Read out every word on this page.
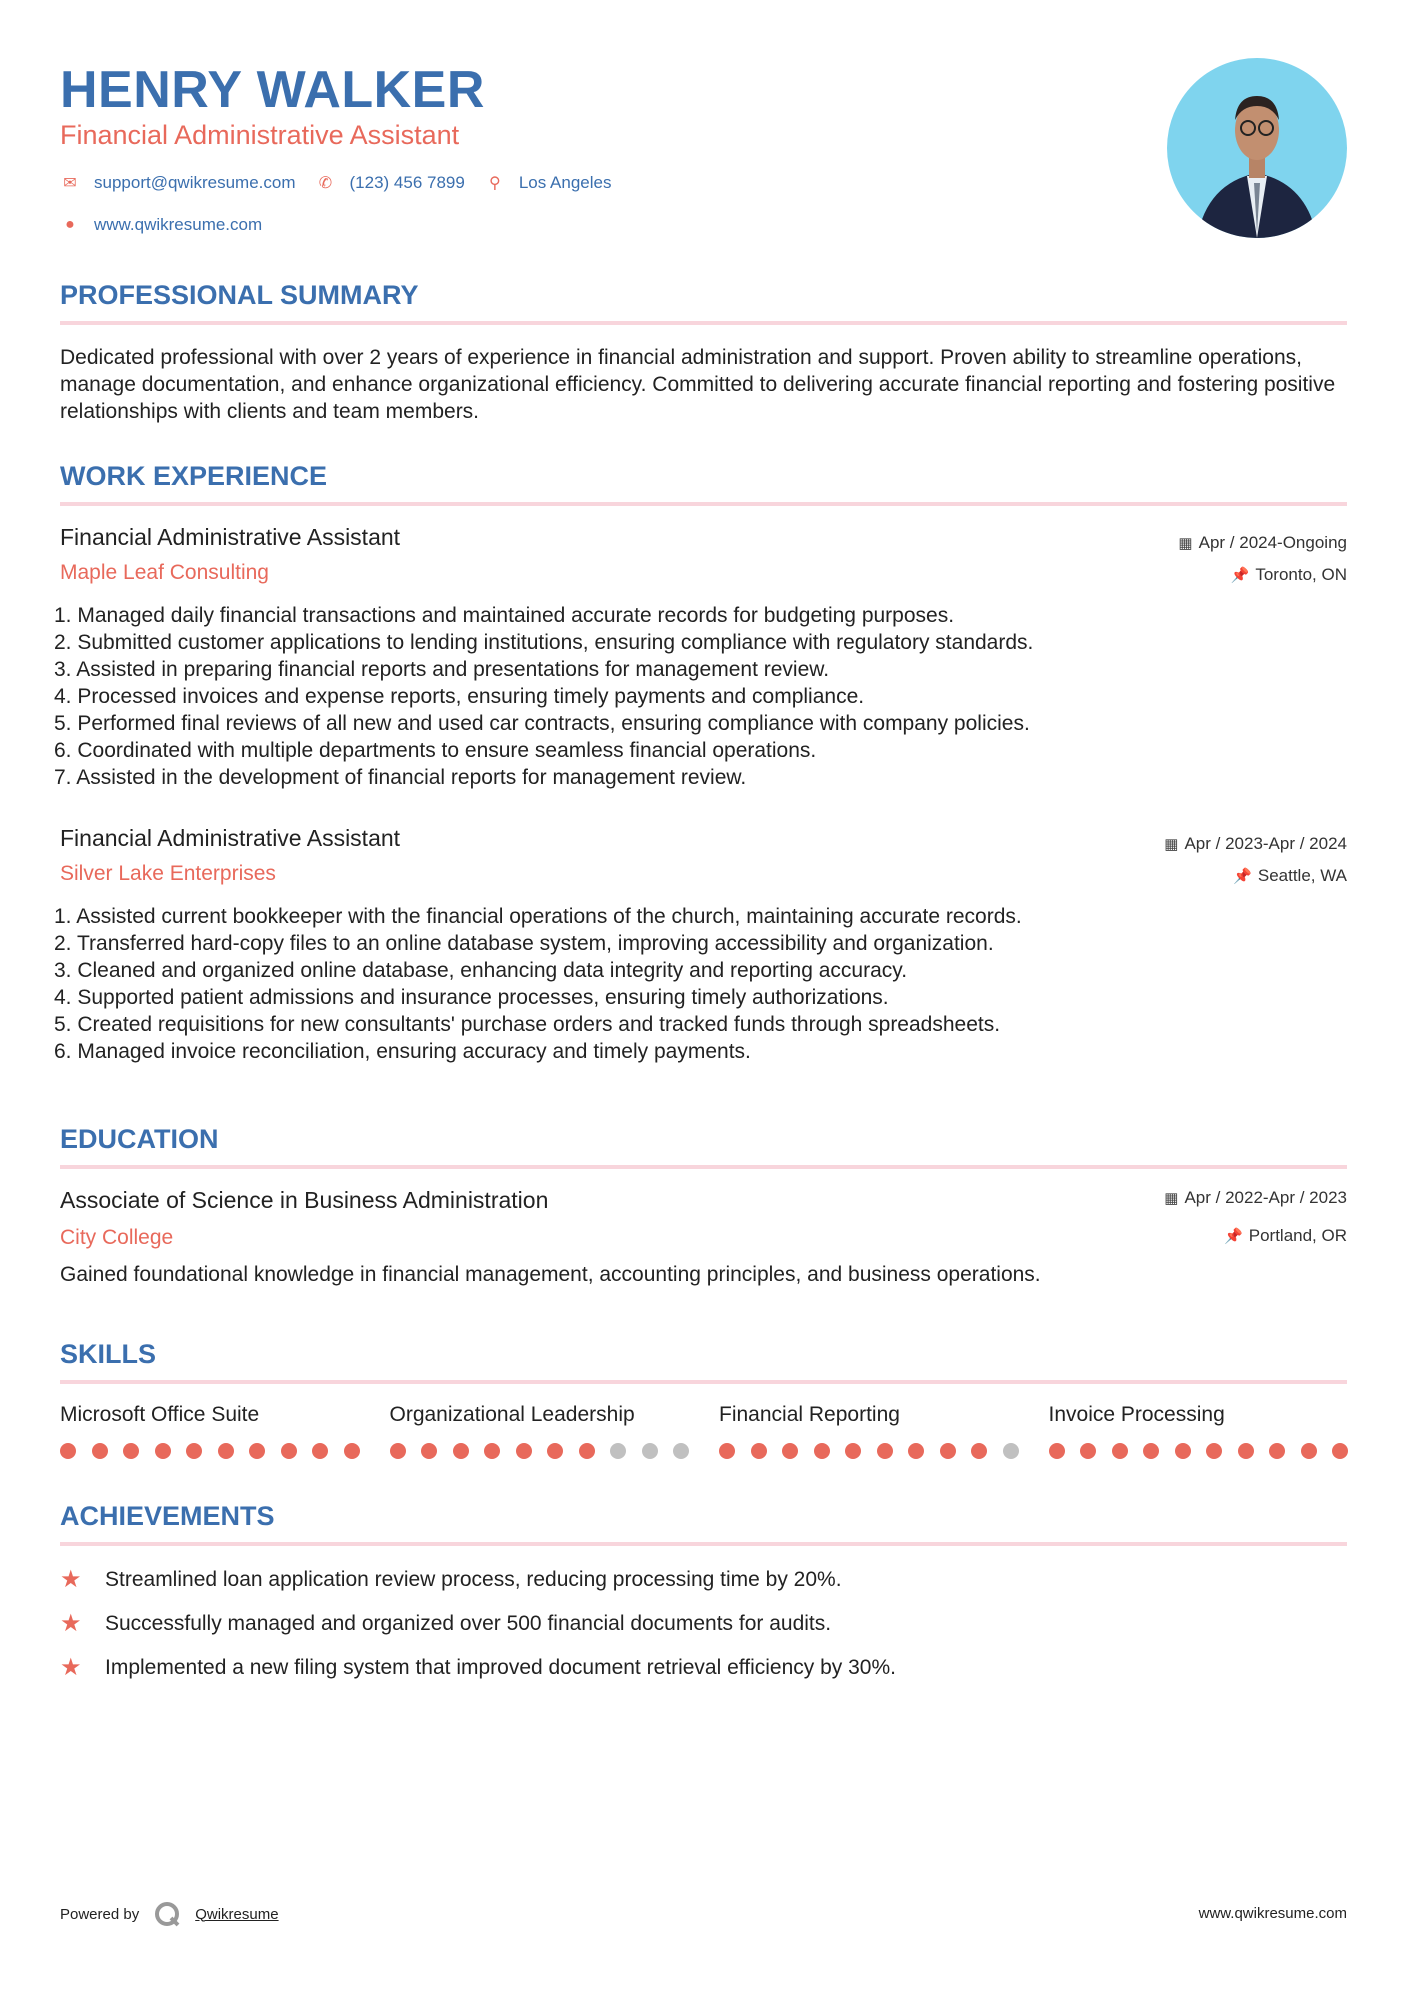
HENRY WALKER
Financial Administrative Assistant
✉ support@qwikresume.com ✆ (123) 456 7899 ⚲ Los Angeles
●	www.qwikresume.com
PROFESSIONAL SUMMARY
Dedicated professional with over 2 years of experience in financial administration and support. Proven ability to streamline operations, manage documentation, and enhance organizational efficiency. Committed to delivering accurate financial reporting and fostering positive relationships with clients and team members.
WORK EXPERIENCE
Financial Administrative Assistant
Maple Leaf Consulting
▦ Apr / 2024-Ongoing
📌 Toronto, ON
1. Managed daily financial transactions and maintained accurate records for budgeting purposes.
2. Submitted customer applications to lending institutions, ensuring compliance with regulatory standards.
3. Assisted in preparing financial reports and presentations for management review.
4. Processed invoices and expense reports, ensuring timely payments and compliance.
5. Performed final reviews of all new and used car contracts, ensuring compliance with company policies.
6. Coordinated with multiple departments to ensure seamless financial operations.
7. Assisted in the development of financial reports for management review.
Financial Administrative Assistant
Silver Lake Enterprises
▦ Apr / 2023-Apr / 2024
📌 Seattle, WA
1. Assisted current bookkeeper with the financial operations of the church, maintaining accurate records.
2. Transferred hard-copy files to an online database system, improving accessibility and organization.
3. Cleaned and organized online database, enhancing data integrity and reporting accuracy.
4. Supported patient admissions and insurance processes, ensuring timely authorizations.
5. Created requisitions for new consultants' purchase orders and tracked funds through spreadsheets.
6. Managed invoice reconciliation, ensuring accuracy and timely payments.
EDUCATION
Associate of Science in Business Administration
City College
▦ Apr / 2022-Apr / 2023
📌 Portland, OR
Gained foundational knowledge in financial management, accounting principles, and business operations.
SKILLS
Microsoft Office Suite	Organizational Leadership	Financial Reporting	Invoice Processing
ACHIEVEMENTS
★	Streamlined loan application review process, reducing processing time by 20%.
★	Successfully managed and organized over 500 financial documents for audits.
★	Implemented a new filing system that improved document retrieval efficiency by 30%.
Powered by	Qwikresume	www.qwikresume.com
